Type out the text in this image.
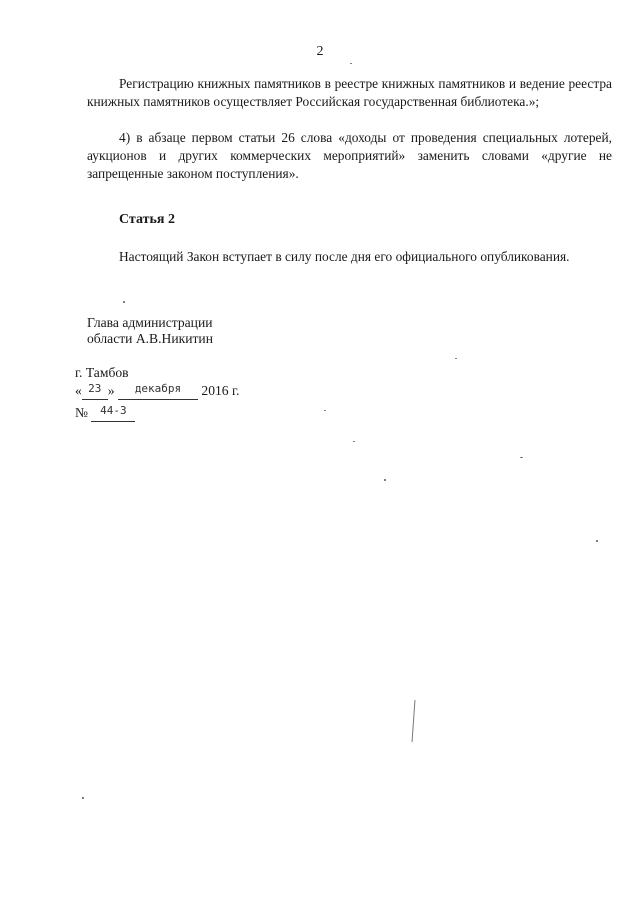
2

Регистрацию книжных памятников в реестре книжных памятников и ведение реестра книжных памятников осуществляет Российская государственная библиотека.»;

4) в абзаце первом статьи 26 слова «доходы от проведения специальных лотерей, аукционов и других коммерческих мероприятий» заменить словами «другие не запрещенные законом поступления».

Статья 2

Настоящий Закон вступает в силу после дня его официального опубликования.

Глава администрации
области А.В.Никитин
г. Тамбов
« $^{23}$ » $^{декабря}$ 2016 г.
№ $^{44-3}$
